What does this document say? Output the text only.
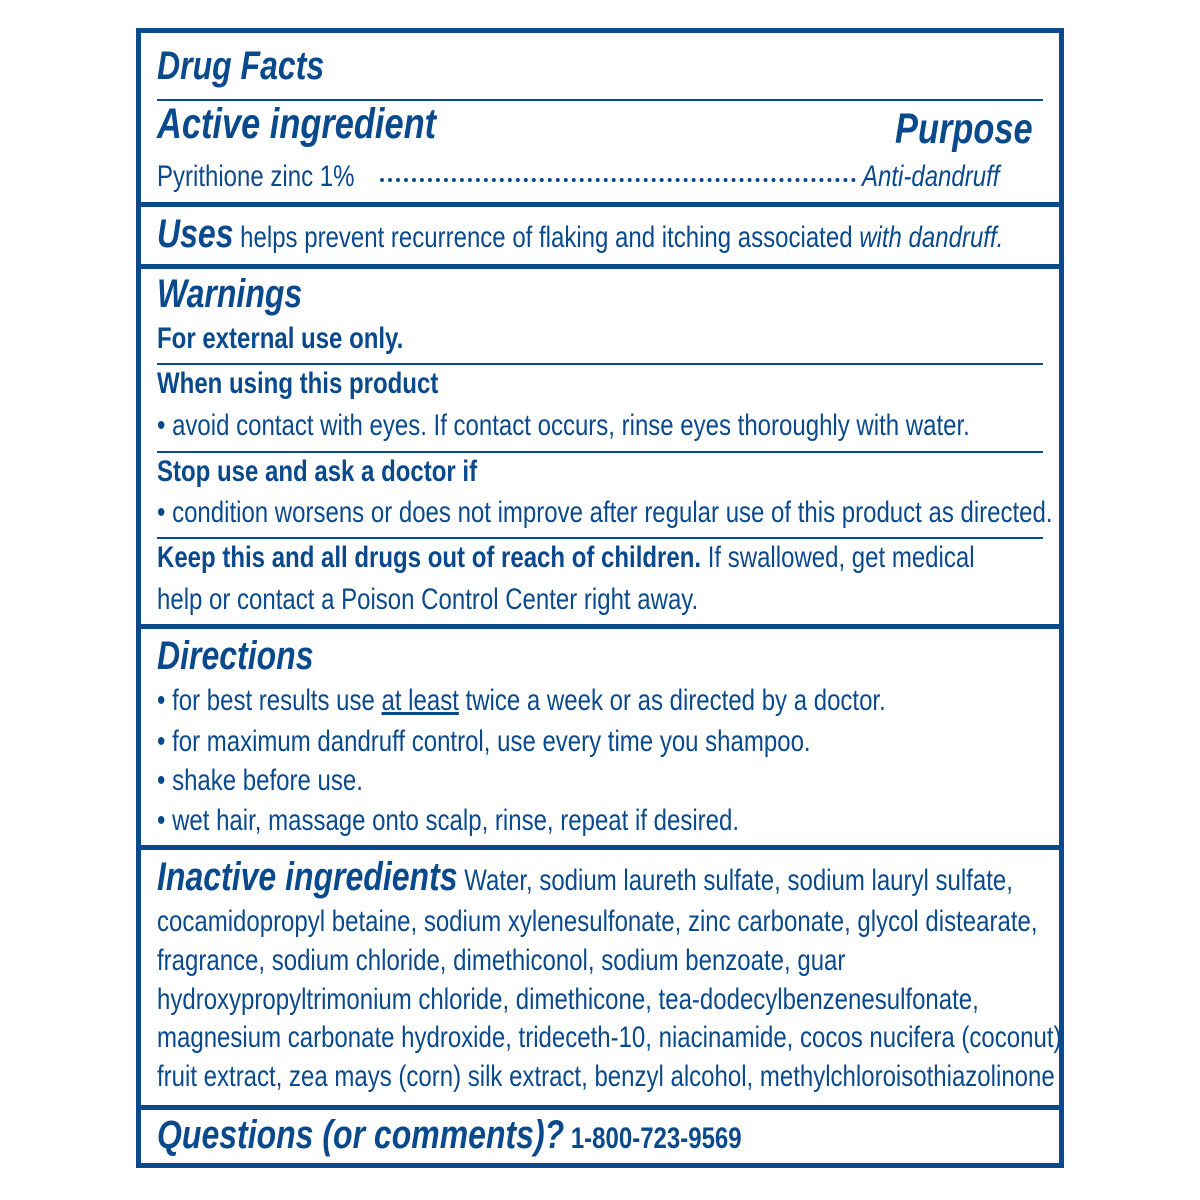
Drug Facts
Active ingredient	Purpose
Pyrithione zinc 1%	Anti-dandruff
Uses helps prevent recurrence of flaking and itching associated with dandruff.
Warnings
For external use only.
When using this product
• avoid contact with eyes. If contact occurs, rinse eyes thoroughly with water.
Stop use and ask a doctor if
• condition worsens or does not improve after regular use of this product as directed.
Keep this and all drugs out of reach of children. If swallowed, get medical
help or contact a Poison Control Center right away.
Directions
• for best results use at least twice a week or as directed by a doctor.
• for maximum dandruff control, use every time you shampoo.
• shake before use.
• wet hair, massage onto scalp, rinse, repeat if desired.
Inactive ingredients Water, sodium laureth sulfate, sodium lauryl sulfate,
cocamidopropyl betaine, sodium xylenesulfonate, zinc carbonate, glycol distearate,
fragrance, sodium chloride, dimethiconol, sodium benzoate, guar
hydroxypropyltrimonium chloride, dimethicone, tea-dodecylbenzenesulfonate,
magnesium carbonate hydroxide, trideceth-10, niacinamide, cocos nucifera (coconut)
fruit extract, zea mays (corn) silk extract, benzyl alcohol, methylchloroisothiazolinone
Questions (or comments)? 1-800-723-9569
